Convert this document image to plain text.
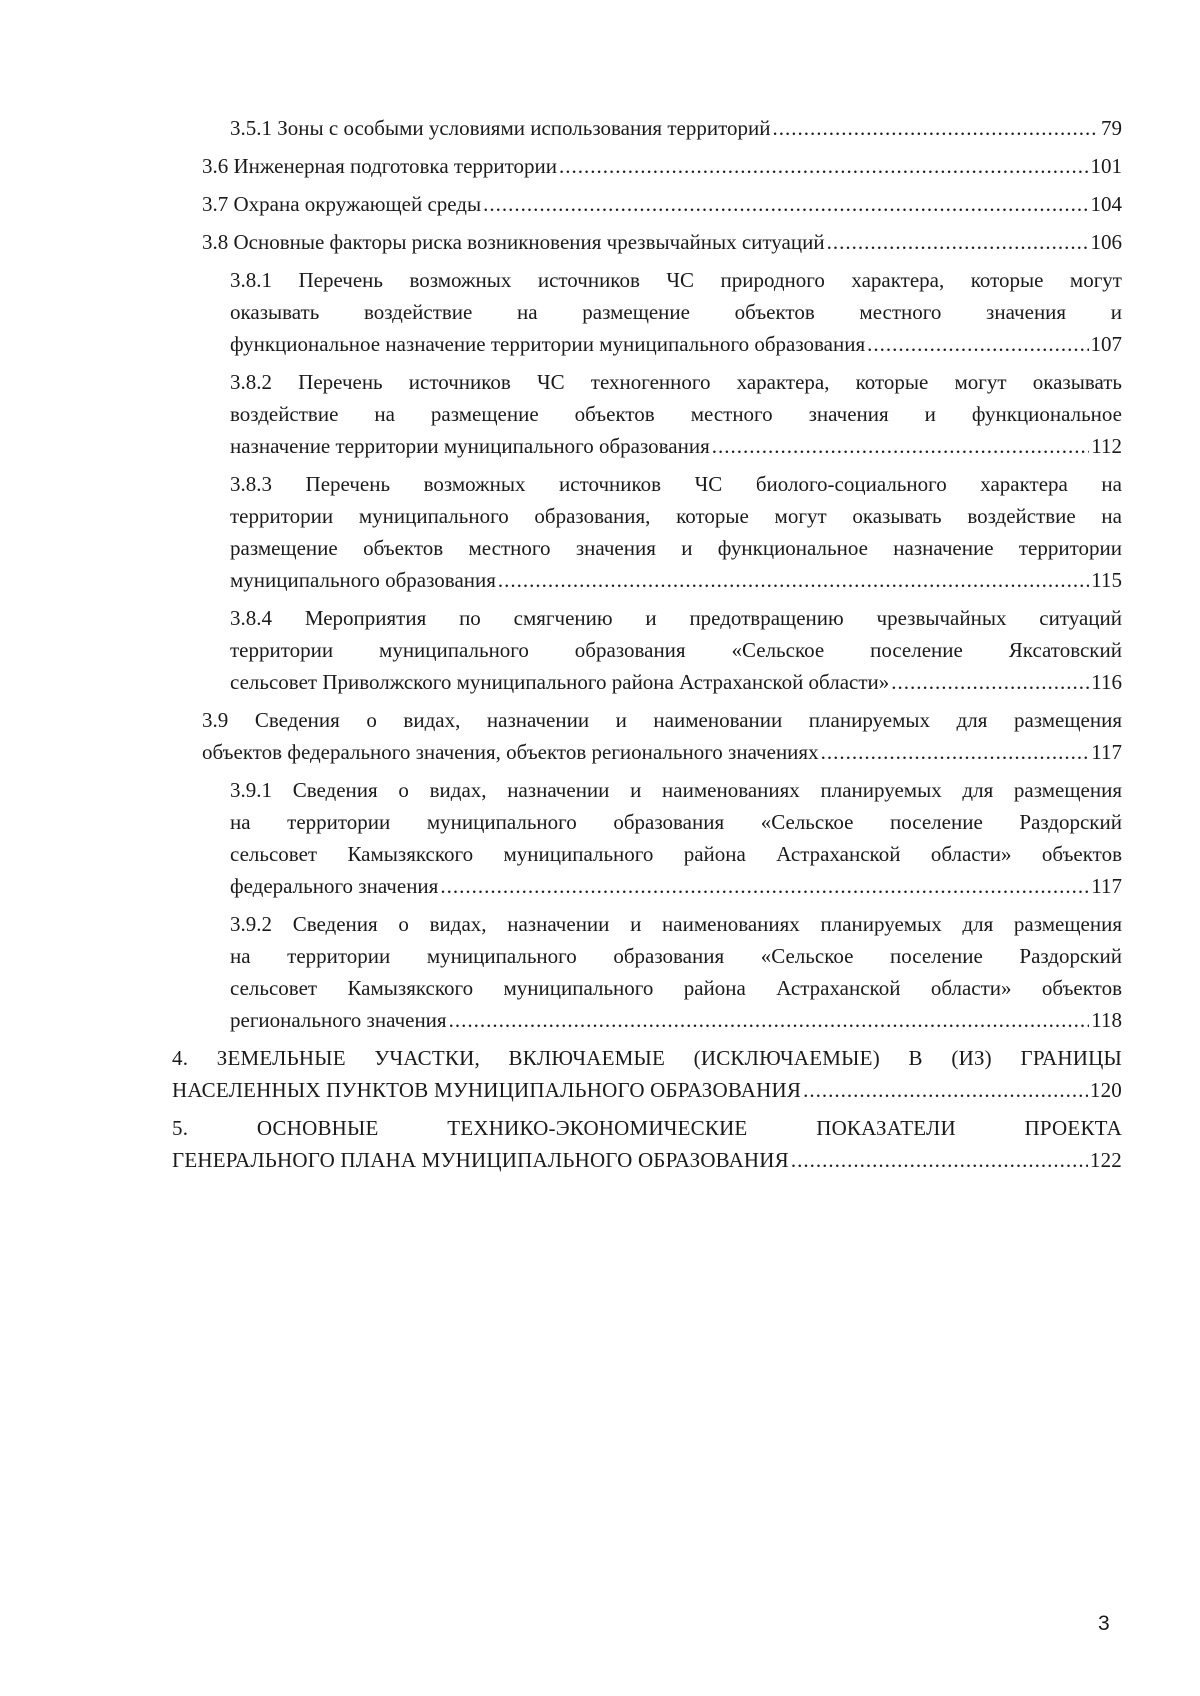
3.5.1 Зоны с особыми условиями использования территорий .....	79
3.6 Инженерная подготовка территории .....	101
3.7 Охрана окружающей среды .....	104
3.8 Основные факторы риска возникновения чрезвычайных ситуаций .....	106
3.8.1 Перечень возможных источников ЧС природного характера, которые могут
оказывать воздействие на размещение объектов местного значения и
функциональное назначение территории муниципального образования .....	107
3.8.2 Перечень источников ЧС техногенного характера, которые могут оказывать
воздействие на размещение объектов местного значения и функциональное
назначение территории муниципального образования .....	112
3.8.3 Перечень возможных источников ЧС биолого-социального характера на
территории муниципального образования, которые могут оказывать воздействие на
размещение объектов местного значения и функциональное назначение территории
муниципального образования .....	115
3.8.4 Мероприятия по смягчению и предотвращению чрезвычайных ситуаций
территории муниципального образования «Сельское поселение Яксатовский
сельсовет Приволжского муниципального района Астраханской области» .....	116
3.9 Сведения о видах, назначении и наименовании планируемых для размещения
объектов федерального значения, объектов регионального значениях .....	117
3.9.1 Сведения о видах, назначении и наименованиях планируемых для размещения
на территории муниципального образования «Сельское поселение Раздорский
сельсовет Камызякского муниципального района Астраханской области» объектов
федерального значения .....	117
3.9.2 Сведения о видах, назначении и наименованиях планируемых для размещения
на территории муниципального образования «Сельское поселение Раздорский
сельсовет Камызякского муниципального района Астраханской области» объектов
регионального значения .....	118
4. ЗЕМЕЛЬНЫЕ УЧАСТКИ, ВКЛЮЧАЕМЫЕ (ИСКЛЮЧАЕМЫЕ) В (ИЗ) ГРАНИЦЫ
НАСЕЛЕННЫХ ПУНКТОВ МУНИЦИПАЛЬНОГО ОБРАЗОВАНИЯ .....	120
5. ОСНОВНЫЕ ТЕХНИКО-ЭКОНОМИЧЕСКИЕ ПОКАЗАТЕЛИ ПРОЕКТА
ГЕНЕРАЛЬНОГО ПЛАНА МУНИЦИПАЛЬНОГО ОБРАЗОВАНИЯ .....	122
3
